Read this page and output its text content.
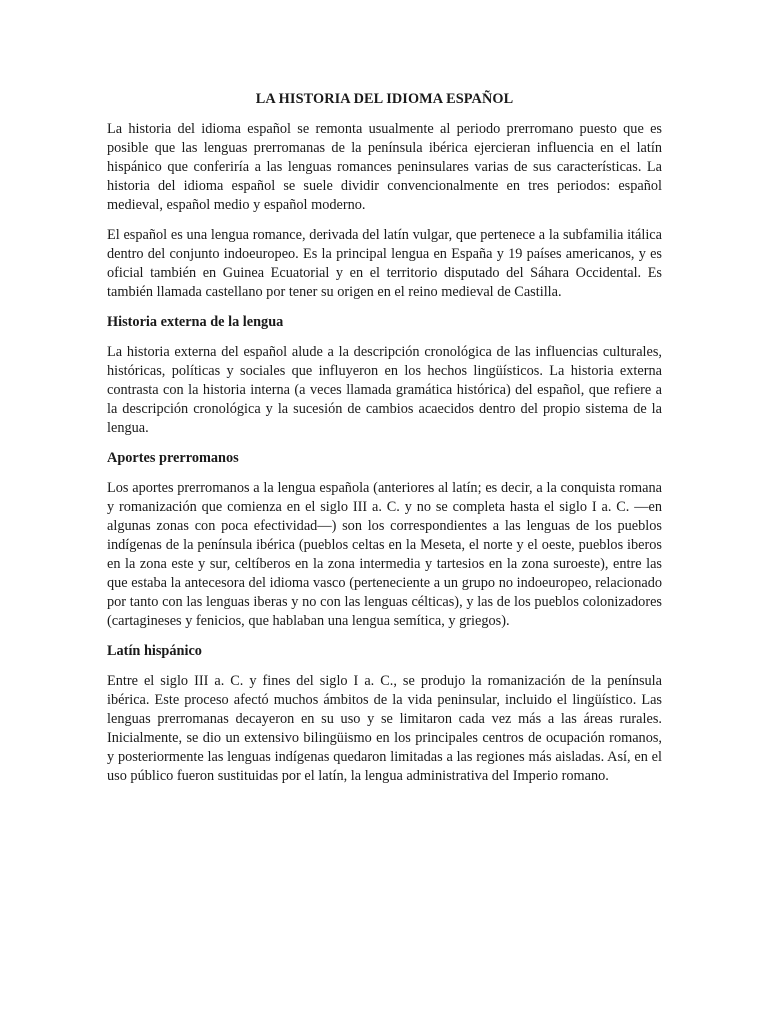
LA HISTORIA DEL IDIOMA ESPAÑOL

La historia del idioma español se remonta usualmente al periodo prerromano puesto que es posible que las lenguas prerromanas de la península ibérica ejercieran influencia en el latín hispánico que conferiría a las lenguas romances peninsulares varias de sus características. La historia del idioma español se suele dividir convencionalmente en tres periodos: español medieval, español medio y español moderno.

El español es una lengua romance, derivada del latín vulgar, que pertenece a la subfamilia itálica dentro del conjunto indoeuropeo. Es la principal lengua en España y 19 países americanos, y es oficial también en Guinea Ecuatorial y en el territorio disputado del Sáhara Occidental. Es también llamada castellano por tener su origen en el reino medieval de Castilla.

Historia externa de la lengua

La historia externa del español alude a la descripción cronológica de las influencias culturales, históricas, políticas y sociales que influyeron en los hechos lingüísticos. La historia externa contrasta con la historia interna (a veces llamada gramática histórica) del español, que refiere a la descripción cronológica y la sucesión de cambios acaecidos dentro del propio sistema de la lengua.

Aportes prerromanos

Los aportes prerromanos a la lengua españolа (anteriores al latín; es decir, a la conquista romana y romanización que comienza en el siglo III a. C. y no se completa hasta el siglo I a. C. —en algunas zonas con poca efectividad—) son los correspondientes a las lenguas de los pueblos indígenas de la península ibérica (pueblos celtas en la Meseta, el norte y el oeste, pueblos iberos en la zona este y sur, celtíberos en la zona intermedia y tartesios en la zona suroeste), entre las que estaba la antecesora del idioma vasco (perteneciente a un grupo no indoeuropeo, relacionado por tanto con las lenguas iberas y no con las lenguas célticas), y las de los pueblos colonizadores (cartagineses y fenicios, que hablaban una lengua semítica, y griegos).

Latín hispánico

Entre el siglo III a. C. y fines del siglo I a. C., se produjo la romanización de la península ibérica. Este proceso afectó muchos ámbitos de la vida peninsular, incluido el lingüístico. Las lenguas prerromanas decayeron en su uso y se limitaron cada vez más a las áreas rurales. Inicialmente, se dio un extensivo bilingüismo en los principales centros de ocupación romanos, y posteriormente las lenguas indígenas quedaron limitadas a las regiones más aisladas. Así, en el uso público fueron sustituidas por el latín, la lengua administrativa del Imperio romano.
